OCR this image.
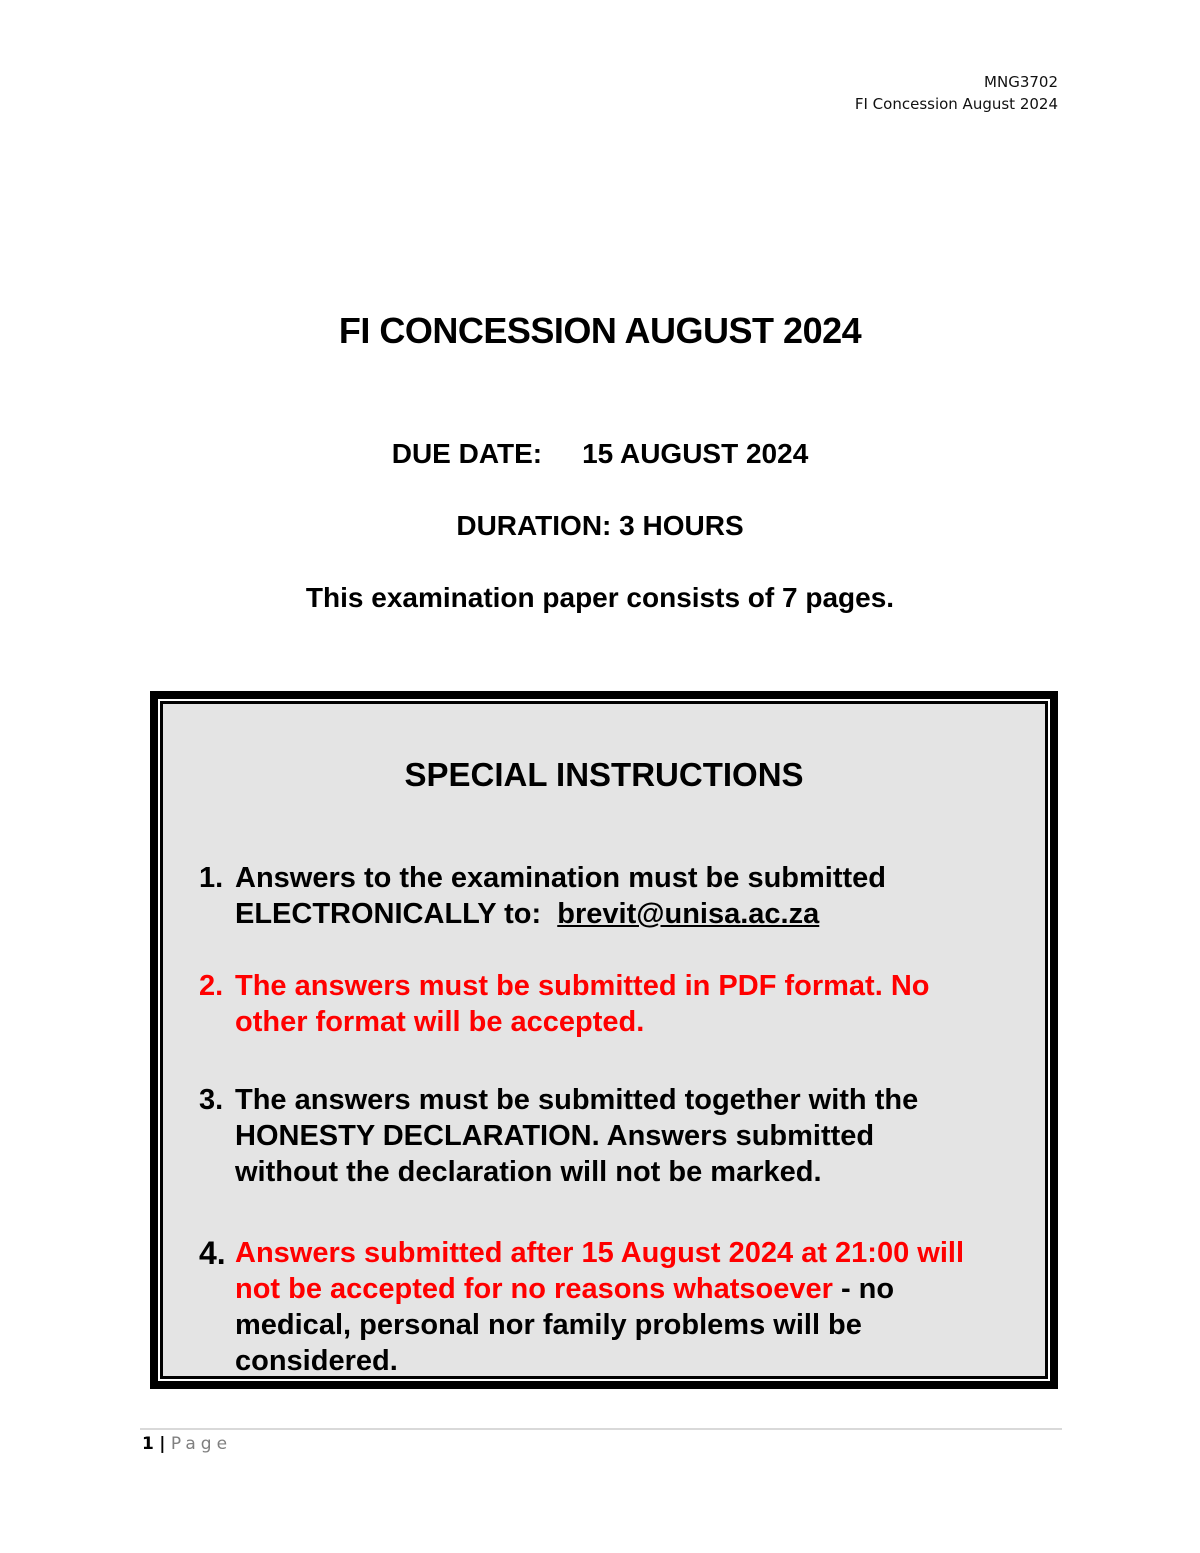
MNG3702
FI Concession August 2024
FI CONCESSION AUGUST 2024
DUE DATE: 15 AUGUST 2024
DURATION: 3 HOURS
This examination paper consists of 7 pages.
SPECIAL INSTRUCTIONS
1. Answers to the examination must be submitted
ELECTRONICALLY to: brevit@unisa.ac.za
2. The answers must be submitted in PDF format. No
other format will be accepted.
3. The answers must be submitted together with the
HONESTY DECLARATION. Answers submitted
without the declaration will not be marked.
4. Answers submitted after 15 August 2024 at 21:00 will
not be accepted for no reasons whatsoever - no
medical, personal nor family problems will be
considered.
1 | Page
